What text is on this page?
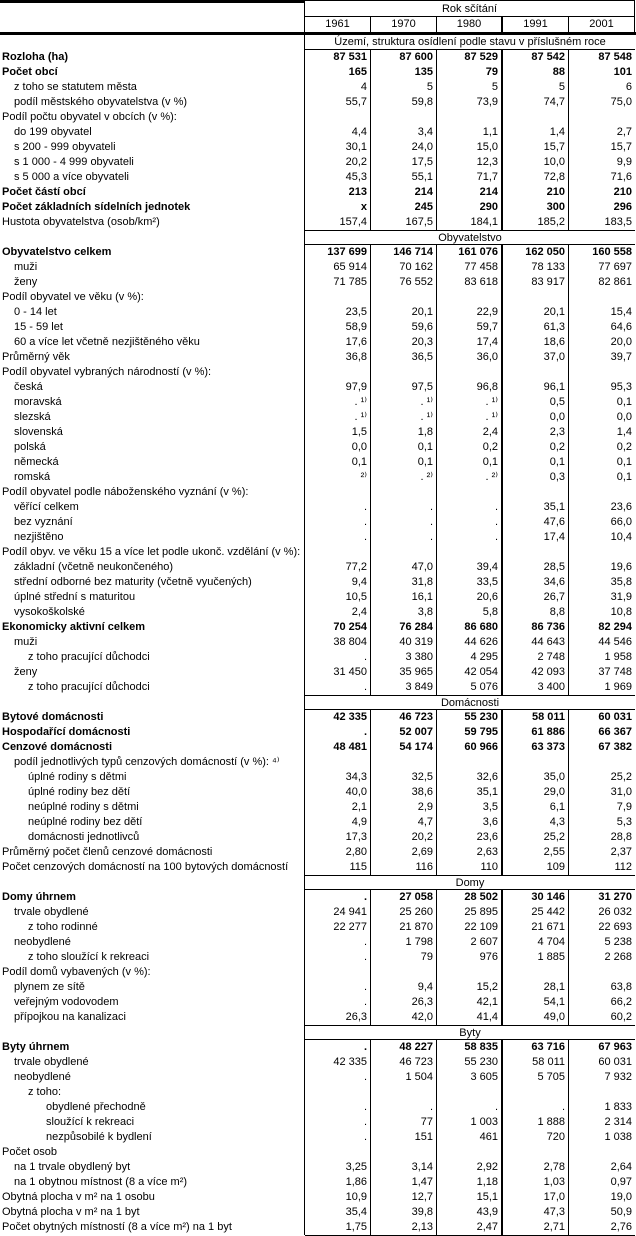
Rok sčítání
1961	1970	1980	1991	2001
Území, struktura osídlení podle stavu v příslušném roce
Rozloha (ha)	87 531	87 600	87 529	87 542	87 548
Počet obcí	165	135	79	88	101
z toho se statutem města	4	5	5	5	6
podíl městského obyvatelstva (v %)	55,7	59,8	73,9	74,7	75,0
Podíl počtu obyvatel v obcích (v %):
do 199 obyvatel	4,4	3,4	1,1	1,4	2,7
s 200 - 999 obyvateli	30,1	24,0	15,0	15,7	15,7
s 1 000 - 4 999 obyvateli	20,2	17,5	12,3	10,0	9,9
s 5 000 a více obyvateli	45,3	55,1	71,7	72,8	71,6
Počet částí obcí	213	214	214	210	210
Počet základních sídelních jednotek	x	245	290	300	296
Hustota obyvatelstva (osob/km²)	157,4	167,5	184,1	185,2	183,5
Obyvatelstvo
Obyvatelstvo celkem	137 699	146 714	161 076	162 050	160 558
muži	65 914	70 162	77 458	78 133	77 697
ženy	71 785	76 552	83 618	83 917	82 861
Podíl obyvatel ve věku (v %):
0 - 14 let	23,5	20,1	22,9	20,1	15,4
15 - 59 let	58,9	59,6	59,7	61,3	64,6
60 a více let včetně nezjištěného věku	17,6	20,3	17,4	18,6	20,0
Průměrný věk	36,8	36,5	36,0	37,0	39,7
Podíl obyvatel vybraných národností (v %):
česká	97,9	97,5	96,8	96,1	95,3
moravská	. ¹⁾	. ¹⁾	. ¹⁾	0,5	0,1
slezská	. ¹⁾	. ¹⁾	. ¹⁾	0,0	0,0
slovenská	1,5	1,8	2,4	2,3	1,4
polská	0,0	0,1	0,2	0,2	0,2
německá	0,1	0,1	0,1	0,1	0,1
romská	²⁾	. ²⁾	. ²⁾	0,3	0,1
Podíl obyvatel podle náboženského vyznání (v %):
věřící celkem	.	.	.	35,1	23,6
bez vyznání	.	.	.	47,6	66,0
nezjištěno	.	.	.	17,4	10,4
Podíl obyv. ve věku 15 a více let podle ukonč. vzdělání (v %):
základní (včetně neukončeného)	77,2	47,0	39,4	28,5	19,6
střední odborné bez maturity (včetně vyučených)	9,4	31,8	33,5	34,6	35,8
úplné střední s maturitou	10,5	16,1	20,6	26,7	31,9
vysokoškolské	2,4	3,8	5,8	8,8	10,8
Ekonomicky aktivní celkem	70 254	76 284	86 680	86 736	82 294
muži	38 804	40 319	44 626	44 643	44 546
z toho pracující důchodci	.	3 380	4 295	2 748	1 958
ženy	31 450	35 965	42 054	42 093	37 748
z toho pracující důchodci	.	3 849	5 076	3 400	1 969
Domácnosti
Bytové domácnosti	42 335	46 723	55 230	58 011	60 031
Hospodařící domácnosti	.	52 007	59 795	61 886	66 367
Cenzové domácnosti	48 481	54 174	60 966	63 373	67 382
podíl jednotlivých typů cenzových domácností (v %): ⁴⁾
úplné rodiny s dětmi	34,3	32,5	32,6	35,0	25,2
úplné rodiny bez dětí	40,0	38,6	35,1	29,0	31,0
neúplné rodiny s dětmi	2,1	2,9	3,5	6,1	7,9
neúplné rodiny bez dětí	4,9	4,7	3,6	4,3	5,3
domácnosti jednotlivců	17,3	20,2	23,6	25,2	28,8
Průměrný počet členů cenzové domácnosti	2,80	2,69	2,63	2,55	2,37
Počet cenzových domácností na 100 bytových domácností	115	116	110	109	112
Domy
Domy úhrnem	.	27 058	28 502	30 146	31 270
trvale obydlené	24 941	25 260	25 895	25 442	26 032
z toho rodinné	22 277	21 870	22 109	21 671	22 693
neobydlené	.	1 798	2 607	4 704	5 238
z toho sloužící k rekreaci	.	79	976	1 885	2 268
Podíl domů vybavených (v %):
plynem ze sítě	.	9,4	15,2	28,1	63,8
veřejným vodovodem	.	26,3	42,1	54,1	66,2
přípojkou na kanalizaci	26,3	42,0	41,4	49,0	60,2
Byty
Byty úhrnem	.	48 227	58 835	63 716	67 963
trvale obydlené	42 335	46 723	55 230	58 011	60 031
neobydlené	.	1 504	3 605	5 705	7 932
z toho:
obydlené přechodně	.	.	.	.	1 833
sloužící k rekreaci	.	77	1 003	1 888	2 314
nezpůsobilé k bydlení	.	151	461	720	1 038
Počet osob
na 1 trvale obydlený byt	3,25	3,14	2,92	2,78	2,64
na 1 obytnou místnost (8 a více m²)	1,86	1,47	1,18	1,03	0,97
Obytná plocha v m² na 1 osobu	10,9	12,7	15,1	17,0	19,0
Obytná plocha v m² na 1 byt	35,4	39,8	43,9	47,3	50,9
Počet obytných místností (8 a více m²) na 1 byt	1,75	2,13	2,47	2,71	2,76
